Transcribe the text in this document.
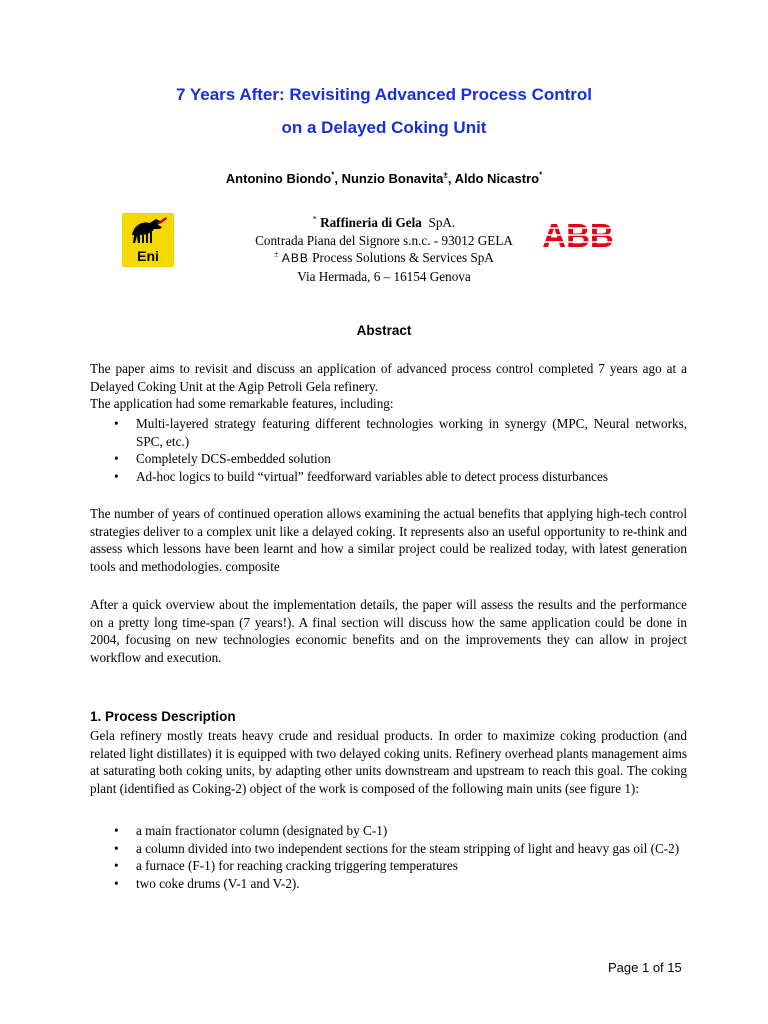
7 Years After: Revisiting Advanced Process Control
on a Delayed Coking Unit
Antonino Biondo*, Nunzio Bonavita±, Aldo Nicastro*
Eni
* Raffineria di Gela SpA.
Contrada Piana del Signore s.n.c. - 93012 GELA
± ABB Process Solutions & Services SpA
Via Hermada, 6 – 16154 Genova
ABB
Abstract
The paper aims to revisit and discuss an application of advanced process control completed 7 years ago at a Delayed Coking Unit at the Agip Petroli Gela refinery.
The application had some remarkable features, including:
• Multi-layered strategy featuring different technologies working in synergy (MPC, Neural networks, SPC, etc.)
• Completely DCS-embedded solution
• Ad-hoc logics to build “virtual” feedforward variables able to detect process disturbances
The number of years of continued operation allows examining the actual benefits that applying high-tech control strategies deliver to a complex unit like a delayed coking. It represents also an useful opportunity to re-think and assess which lessons have been learnt and how a similar project could be realized today, with latest generation tools and methodologies. composite
After a quick overview about the implementation details, the paper will assess the results and the performance on a pretty long time-span (7 years!). A final section will discuss how the same application could be done in 2004, focusing on new technologies economic benefits and on the improvements they can allow in project workflow and execution.
1. Process Description
Gela refinery mostly treats heavy crude and residual products. In order to maximize coking production (and related light distillates) it is equipped with two delayed coking units. Refinery overhead plants management aims at saturating both coking units, by adapting other units downstream and upstream to reach this goal. The coking plant (identified as Coking-2) object of the work is composed of the following main units (see figure 1):
• a main fractionator column (designated by C-1)
• a column divided into two independent sections for the steam stripping of light and heavy gas oil (C-2)
• a furnace (F-1) for reaching cracking triggering temperatures
• two coke drums (V-1 and V-2).
Page 1 of 15
